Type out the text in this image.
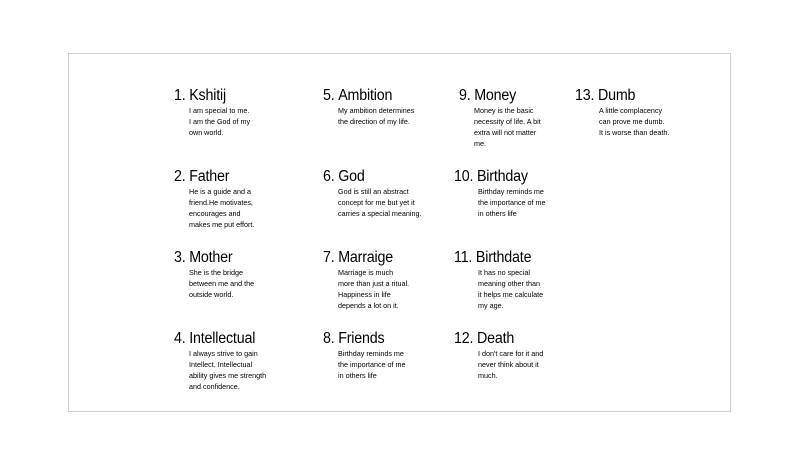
1. Kshitij
I am special to me.
I am the God of my
own world.
2. Father
He is a guide and a
friend.He motivates,
encourages and
makes me put effort.
3. Mother
She is the bridge
between me and the
outside world.
4. Intellectual
I always strive to gain
Intellect. Intellectual
ability gives me strength
and confidence.
5. Ambition
My ambition determines
the direction of my life.
6. God
God is still an abstract
concept for me but yet it
carries a special meaning.
7. Marraige
Marriage is much
more than just a ritual.
Happiness in life
depends a lot on it.
8. Friends
Birthday reminds me
the importance of me
in others life
9. Money
Money is the basic
necessity of life. A bit
extra will not matter
me.
10. Birthday
Birthday reminds me
the importance of me
in others life
11. Birthdate
It has no special
meaning other than
it helps me calculate
my age.
12. Death
I don't care for it and
never think about it
much.
13. Dumb
A little complacency
can prove me dumb.
It is worse than death.
